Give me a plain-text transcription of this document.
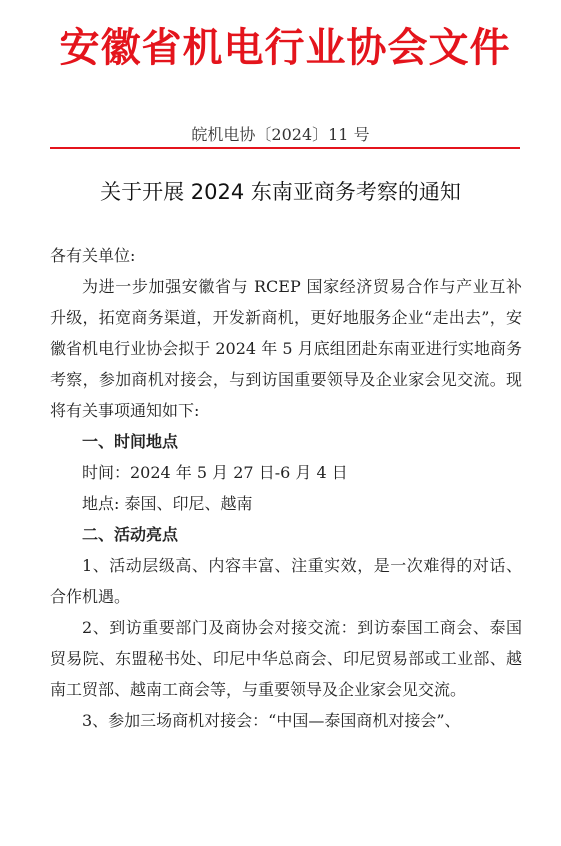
安徽省机电行业协会文件
皖机电协〔2024〕11 号
关于开展 2024 东南亚商务考察的通知

各有关单位:

为进一步加强安徽省与 RCEP 国家经济贸易合作与产业互补升级，拓宽商务渠道，开发新商机，更好地服务企业“走出去”，安徽省机电行业协会拟于 2024 年 5 月底组团赴东南亚进行实地商务考察，参加商机对接会，与到访国重要领导及企业家会见交流。现将有关事项通知如下:

一、时间地点

时间：2024 年 5 月 27 日-6 月 4 日

地点: 泰国、印尼、越南

二、活动亮点

1、活动层级高、内容丰富、注重实效，是一次难得的对话、合作机遇。

2、到访重要部门及商协会对接交流：到访泰国工商会、泰国贸易院、东盟秘书处、印尼中华总商会、印尼贸易部或工业部、越南工贸部、越南工商会等，与重要领导及企业家会见交流。

3、参加三场商机对接会：“中国—泰国商机对接会”、
